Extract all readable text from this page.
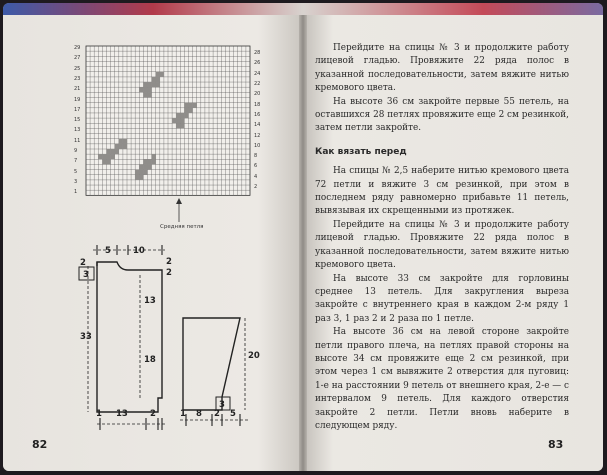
29
27
25
23
21
19
17
15
13
11
9
7
5
3
1
28
26
24
22
20
18
16
14
12
10
8
6
4
2
Средняя петля
5	10
2
2
2
3
13
33
18
1 13	2
20
1 8 2 5
3
82	83

Перейдите на спицы № 3 и продолжите работу лицевой гладью. Провяжите 22 ряда полос в указанной последовательности, затем вяжите нитью кремового цвета.

На высоте 36 см закройте первые 55 петель, на оставшихся 28 петлях провяжите еще 2 см резинкой, затем петли закройте.

Как вязать перед

На спицы № 2,5 наберите нитью кремового цвета 72 петли и вяжите 3 см резинкой, при этом в последнем ряду равномерно прибавьте 11 петель, вывязывая их скрещенными из протяжек.

Перейдите на спицы № 3 и продолжите работу лицевой гладью. Провяжите 22 ряда полос в указанной последовательности, затем вяжите нитью кремового цвета.

На высоте 33 см закройте для горловины среднее 13 петель. Для закругления выреза закройте с внутреннего края в каждом 2-м ряду 1 раз 3, 1 раз 2 и 2 раза по 1 петле.

На высоте 36 см на левой стороне закройте петли правого плеча, на петлях правой стороны на высоте 34 см провяжите еще 2 см резинкой, при этом через 1 см вывяжите 2 отверстия для пуговиц: 1-е на расстоянии 9 петель от внешнего края, 2-е — с интервалом 9 петель. Для каждого отверстия закройте 2 петли. Петли вновь наберите в следующем ряду.
